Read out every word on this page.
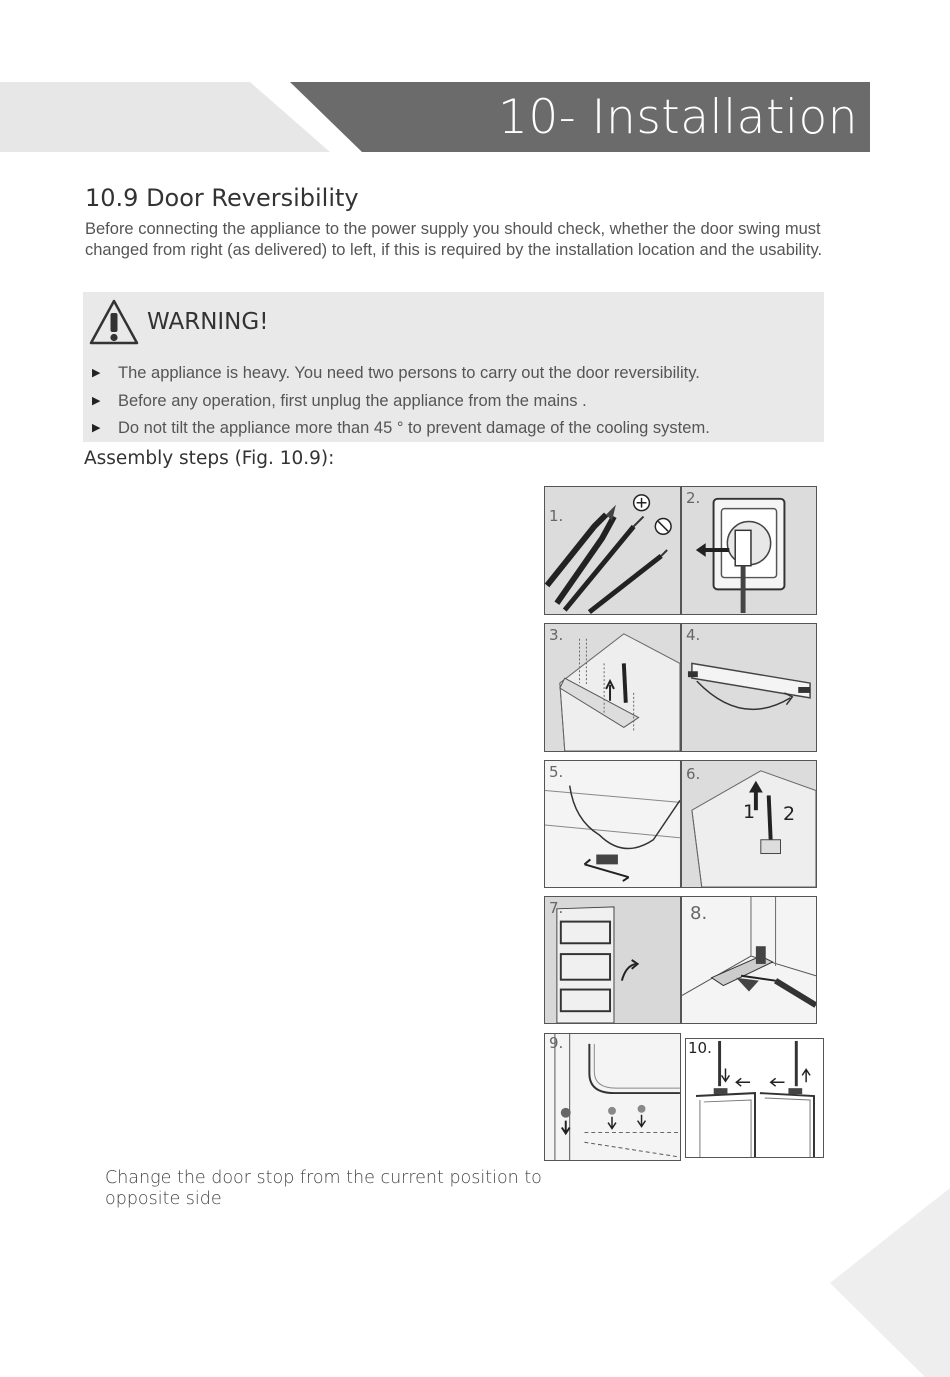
10- Installation
10.9 Door Reversibility
Before connecting the appliance to the power supply you should check, whether the door swing must changed from right (as delivered) to left, if this is required by the installation location and the usability.
WARNING!
▶ The appliance is heavy. You need two persons to carry out the door reversibility.
▶ Before any operation, first unplug the appliance from the mains .
▶ Do not tilt the appliance more than 45 ° to prevent damage of the cooling system.
Assembly steps (Fig. 10.9):
1.
2.
3.	4.
5.	6.
1 2
7.	8.
9.	10.
Change the door stop from the current position to opposite side
